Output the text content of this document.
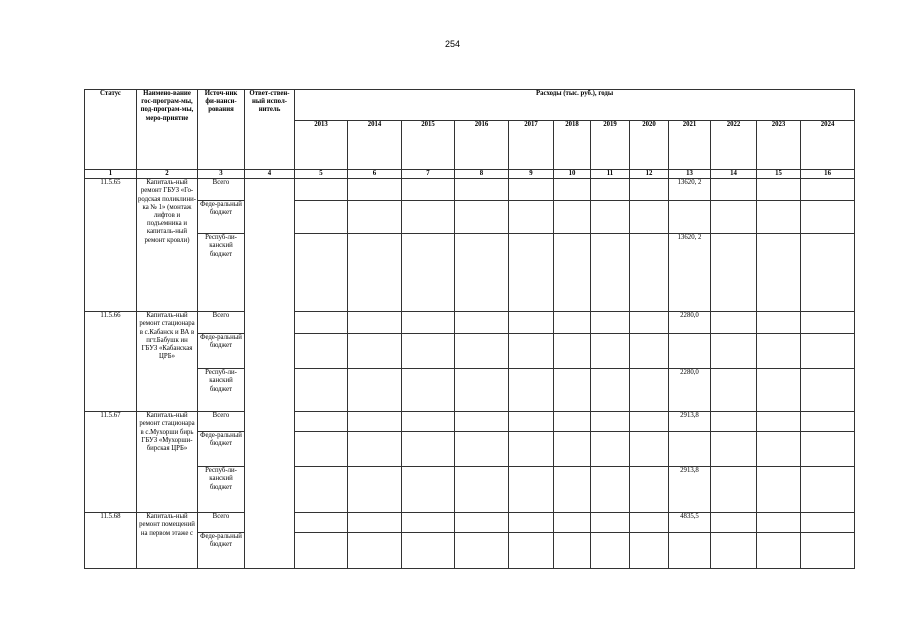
254
Статус	Наимено-вание гос-програм-мы, под-програм-мы, меро-приятие	Источ-ник фи-нанси-рования	Ответ-ствен-ный испол-нитель	Расходы (тыс. руб.), годы											
				2013	2014	2015	2016	2017	2018	2019	2020	2021	2022	2023	2024
1	2	3	4	5	6	7	8	9	10	11	12	13	14	15	16
11.5.65	Капиталь-ный ремонт ГБУЗ «Го-родская поликлини-ка № 1» (монтаж лифтов и подъемника и капиталь-ный ремонт кровли)	Всего										13620, 2			
		Феде-ральный бюджет													
		Респуб-ли-канский бюджет										13620, 2			
11.5.66	Капиталь-ный ремонт стационара в с.Кабанск и ВА в пгт.Бабушк ин ГБУЗ «Кабанская ЦРБ»	Всего										2280,0			
		Феде-ральный бюджет													
		Респуб-ли-канский бюджет										2280,0			
11.5.67	Капиталь-ный ремонт стационара в с.Мухорши бирь ГБУЗ «Мухорши-бирская ЦРБ»	Всего										2913,8			
		Феде-ральный бюджет													
		Респуб-ли-канский бюджет										2913,8			
11.5.68	Капиталь-ный ремонт помещений на первом этаже с	Всего										4835,5			
		Феде-ральный бюджет													
